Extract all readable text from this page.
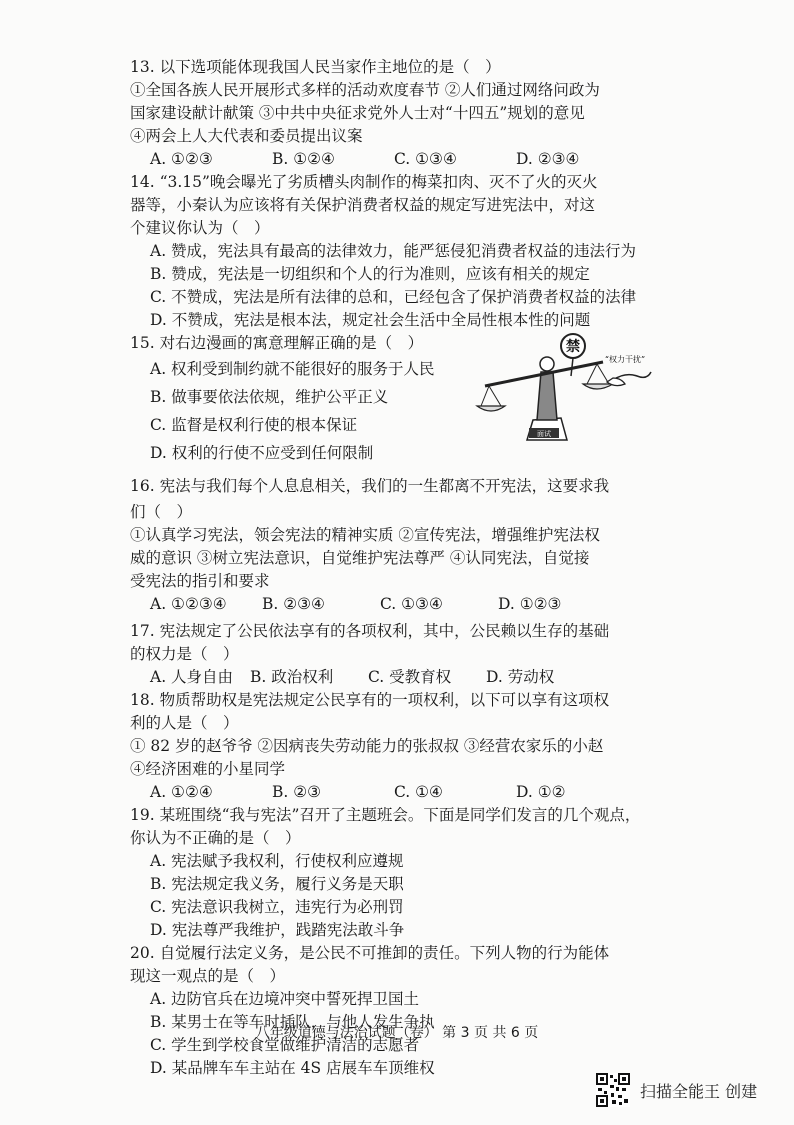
13. 以下选项能体现我国人民当家作主地位的是（　）
①全国各族人民开展形式多样的活动欢度春节 ②人们通过网络问政为
国家建设献计献策 ③中共中央征求党外人士对“十四五”规划的意见
④两会上人大代表和委员提出议案
A. ①②③	B. ①②④	C. ①③④	D. ②③④
14. “3.15”晚会曝光了劣质槽头肉制作的梅菜扣肉、灭不了火的灭火
器等，小秦认为应该将有关保护消费者权益的规定写进宪法中，对这
个建议你认为（　）
A. 赞成，宪法具有最高的法律效力，能严惩侵犯消费者权益的违法行为
B. 赞成，宪法是一切组织和个人的行为准则，应该有相关的规定
C. 不赞成，宪法是所有法律的总和，已经包含了保护消费者权益的法律
D. 不赞成，宪法是根本法，规定社会生活中全局性根本性的问题
15. 对右边漫画的寓意理解正确的是（　）
A. 权利受到制约就不能很好的服务于人民
B. 做事要依法依规，维护公平正义
C. 监督是权利行使的根本保证
D. 权利的行使不应受到任何限制
面试
禁
“权力干扰”
16. 宪法与我们每个人息息相关，我们的一生都离不开宪法，这要求我
们（　）
①认真学习宪法，领会宪法的精神实质 ②宣传宪法，增强维护宪法权
威的意识 ③树立宪法意识，自觉维护宪法尊严 ④认同宪法，自觉接
受宪法的指引和要求
A. ①②③④	B. ②③④	C. ①③④	D. ①②③
17. 宪法规定了公民依法享有的各项权利，其中，公民赖以生存的基础
的权力是（　）
A. 人身自由	B. 政治权利	C. 受教育权	D. 劳动权
18. 物质帮助权是宪法规定公民享有的一项权利，以下可以享有这项权
利的人是（　）
① 82 岁的赵爷爷 ②因病丧失劳动能力的张叔叔 ③经营农家乐的小赵
④经济困难的小星同学
A. ①②④	B. ②③	C. ①④	D. ①②
19. 某班围绕“我与宪法”召开了主题班会。下面是同学们发言的几个观点，
你认为不正确的是（　）
A. 宪法赋予我权利，行使权利应遵规
B. 宪法规定我义务，履行义务是天职
C. 宪法意识我树立，违宪行为必刑罚
D. 宪法尊严我维护，践踏宪法敢斗争
20. 自觉履行法定义务，是公民不可推卸的责任。下列人物的行为能体
现这一观点的是（　）
A. 边防官兵在边境冲突中誓死捍卫国土
B. 某男士在等车时插队，与他人发生争执
C. 学生到学校食堂做维护清洁的志愿者
D. 某品牌车车主站在 4S 店展车车顶维权
八年级道德与法治试题（卷） 第 3 页 共 6 页
扫描全能王 创建
